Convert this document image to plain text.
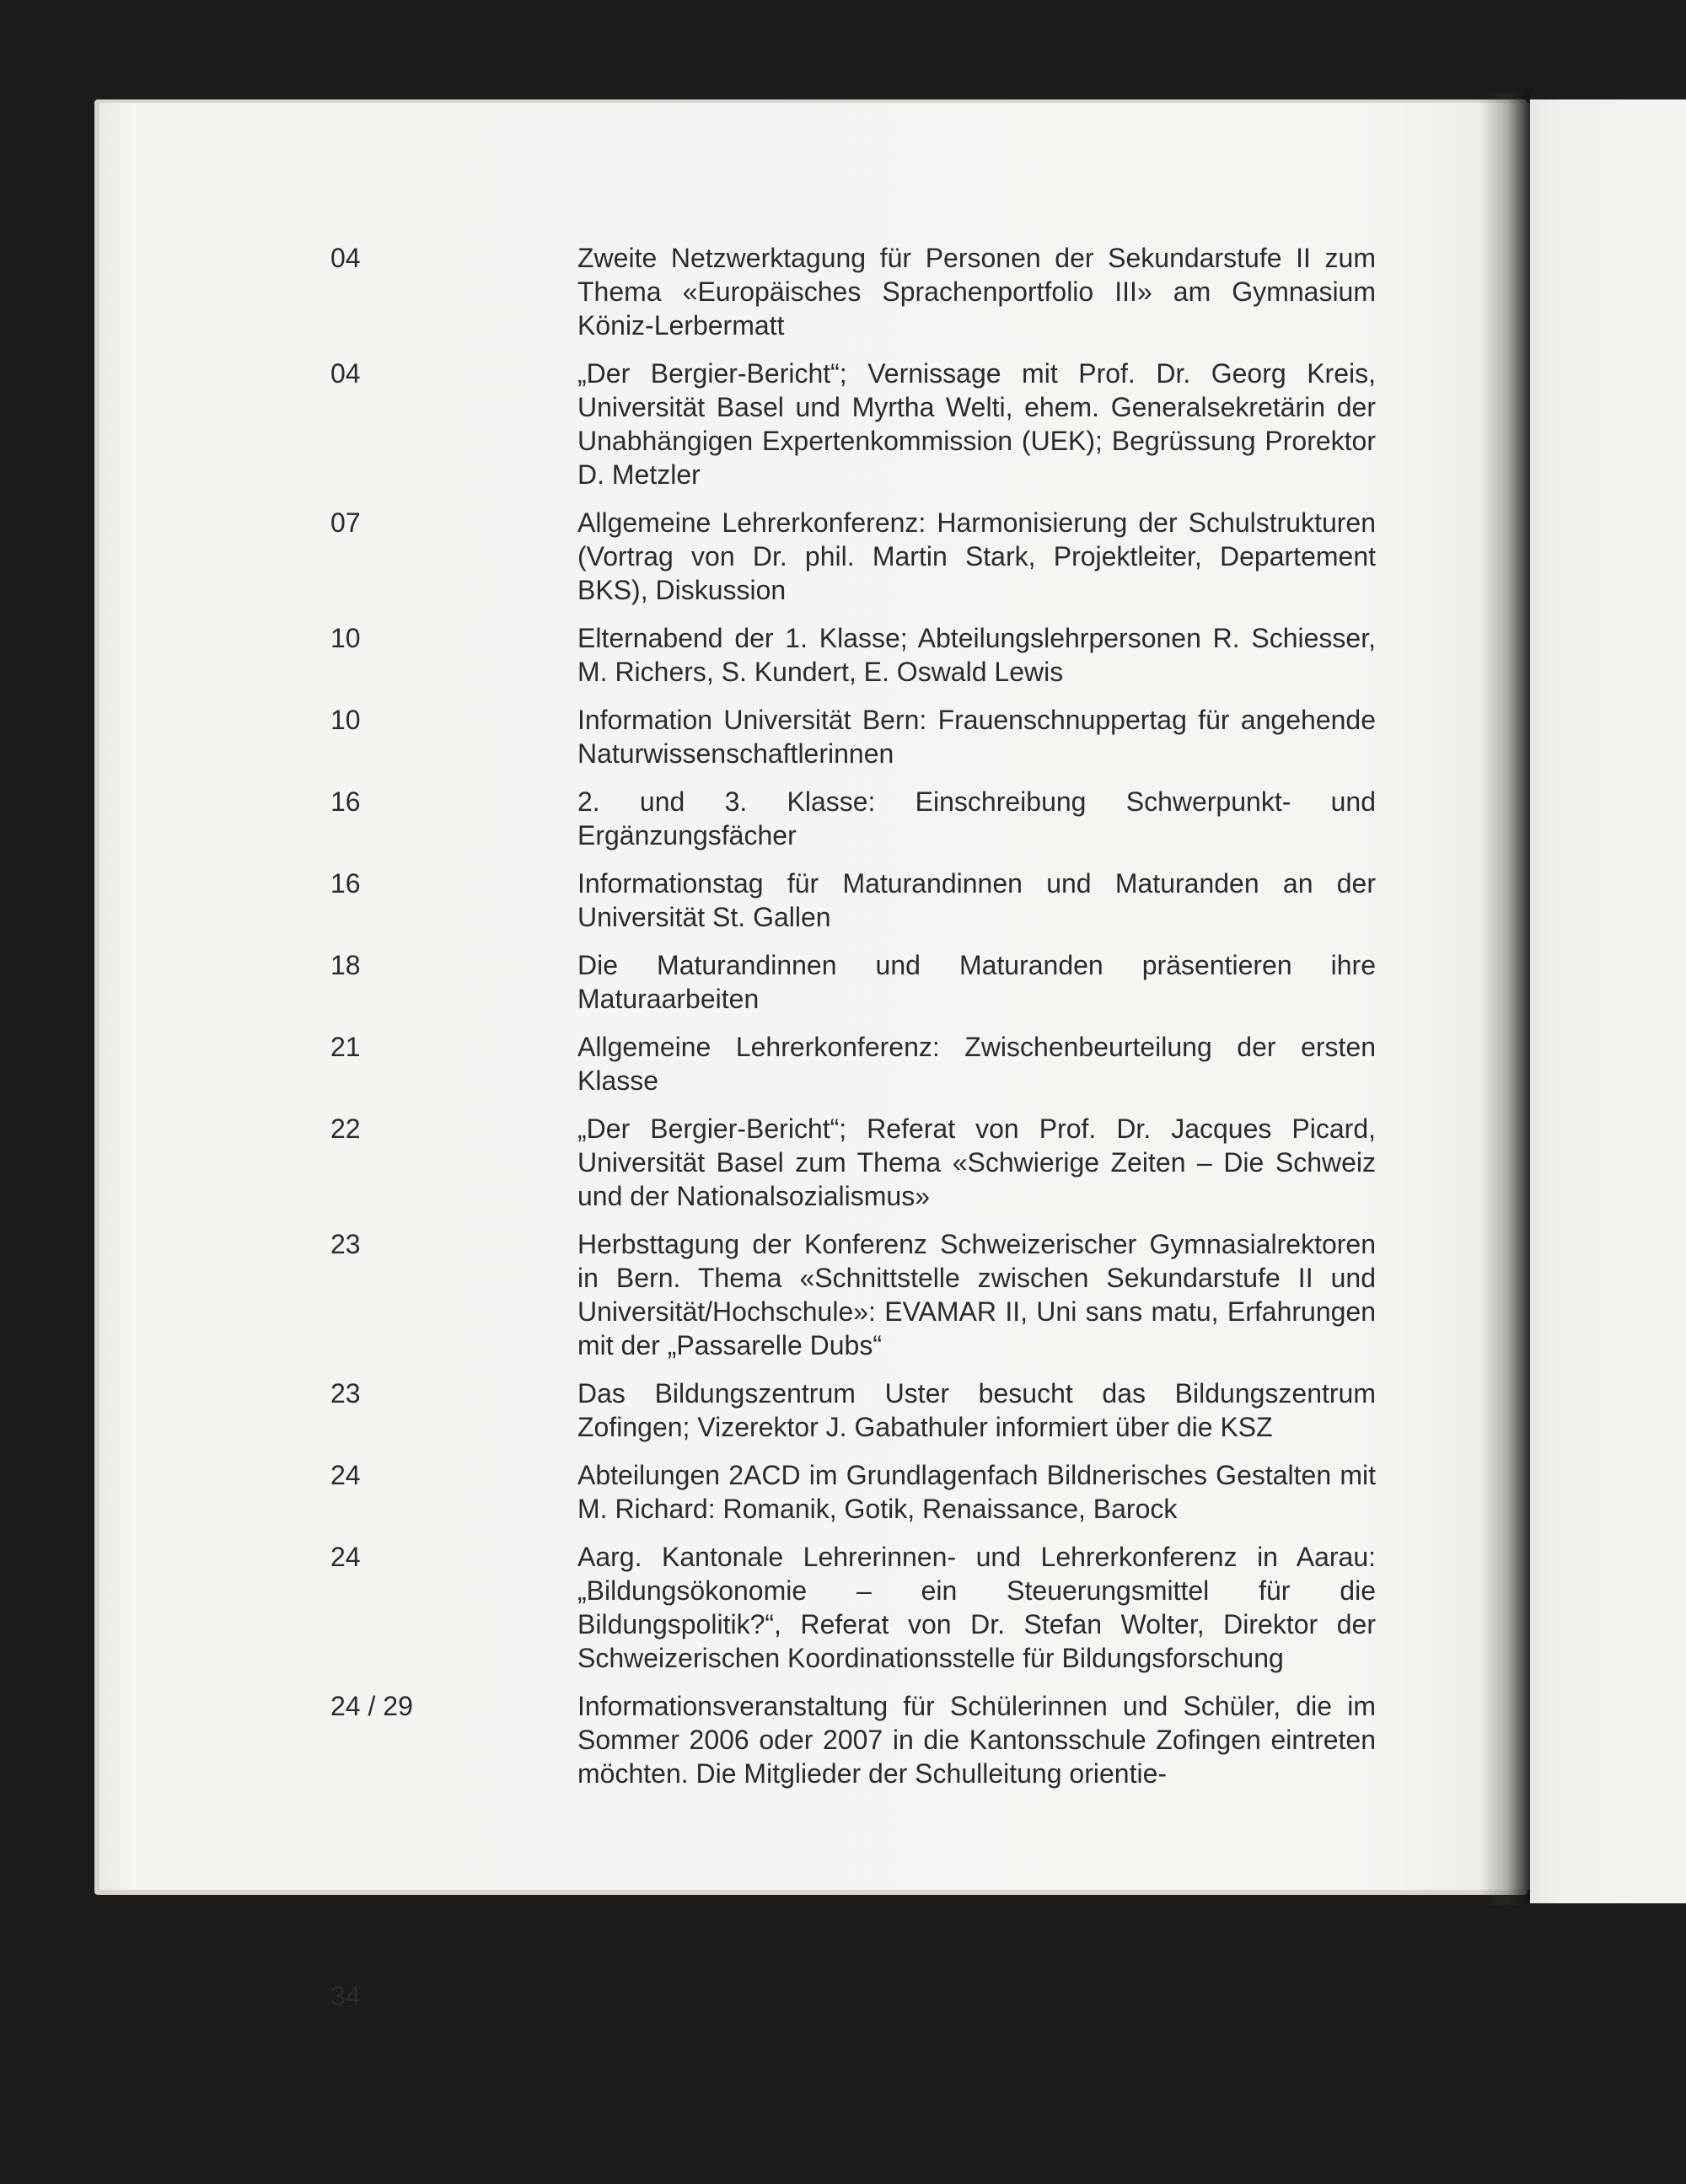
04	Zweite Netzwerktagung für Personen der Sekundarstufe II zum Thema «Europäisches Sprachenportfolio III» am Gymnasium Köniz-Lerbermatt
04	„Der Bergier-Bericht“; Vernissage mit Prof. Dr. Georg Kreis, Universität Basel und Myrtha Welti, ehem. Generalsekretärin der Unabhängigen Expertenkommission (UEK); Begrüssung Prorektor D. Metzler
07	Allgemeine Lehrerkonferenz: Harmonisierung der Schulstrukturen (Vortrag von Dr. phil. Martin Stark, Projektleiter, Departement BKS), Diskussion
10	Elternabend der 1. Klasse; Abteilungslehrpersonen R. Schiesser, M. Richers, S. Kundert, E. Oswald Lewis
10	Information Universität Bern: Frauenschnuppertag für angehende Naturwissenschaftlerinnen
16	2. und 3. Klasse: Einschreibung Schwerpunkt- und Ergänzungsfächer
16	Informationstag für Maturandinnen und Maturanden an der Universität St. Gallen
18	Die Maturandinnen und Maturanden präsentieren ihre Maturaarbeiten
21	Allgemeine Lehrerkonferenz: Zwischenbeurteilung der ersten Klasse
22	„Der Bergier-Bericht“; Referat von Prof. Dr. Jacques Picard, Universität Basel zum Thema «Schwierige Zeiten – Die Schweiz und der Nationalsozialismus»
23	Herbsttagung der Konferenz Schweizerischer Gymnasialrektoren in Bern. Thema «Schnittstelle zwischen Sekundarstufe II und Universität/Hochschule»: EVAMAR II, Uni sans matu, Erfahrungen mit der „Passarelle Dubs“
23	Das Bildungszentrum Uster besucht das Bildungszentrum Zofingen; Vizerektor J. Gabathuler informiert über die KSZ
24	Abteilungen 2ACD im Grundlagenfach Bildnerisches Gestalten mit M. Richard: Romanik, Gotik, Renaissance, Barock
24	Aarg. Kantonale Lehrerinnen- und Lehrerkonferenz in Aarau: „Bildungsökonomie – ein Steuerungsmittel für die Bildungspolitik?“, Referat von Dr. Stefan Wolter, Direktor der Schweizerischen Koordinationsstelle für Bildungsforschung
24 / 29	Informationsveranstaltung für Schülerinnen und Schüler, die im Sommer 2006 oder 2007 in die Kantonsschule Zofingen eintreten möchten. Die Mitglieder der Schulleitung orientie-
34
